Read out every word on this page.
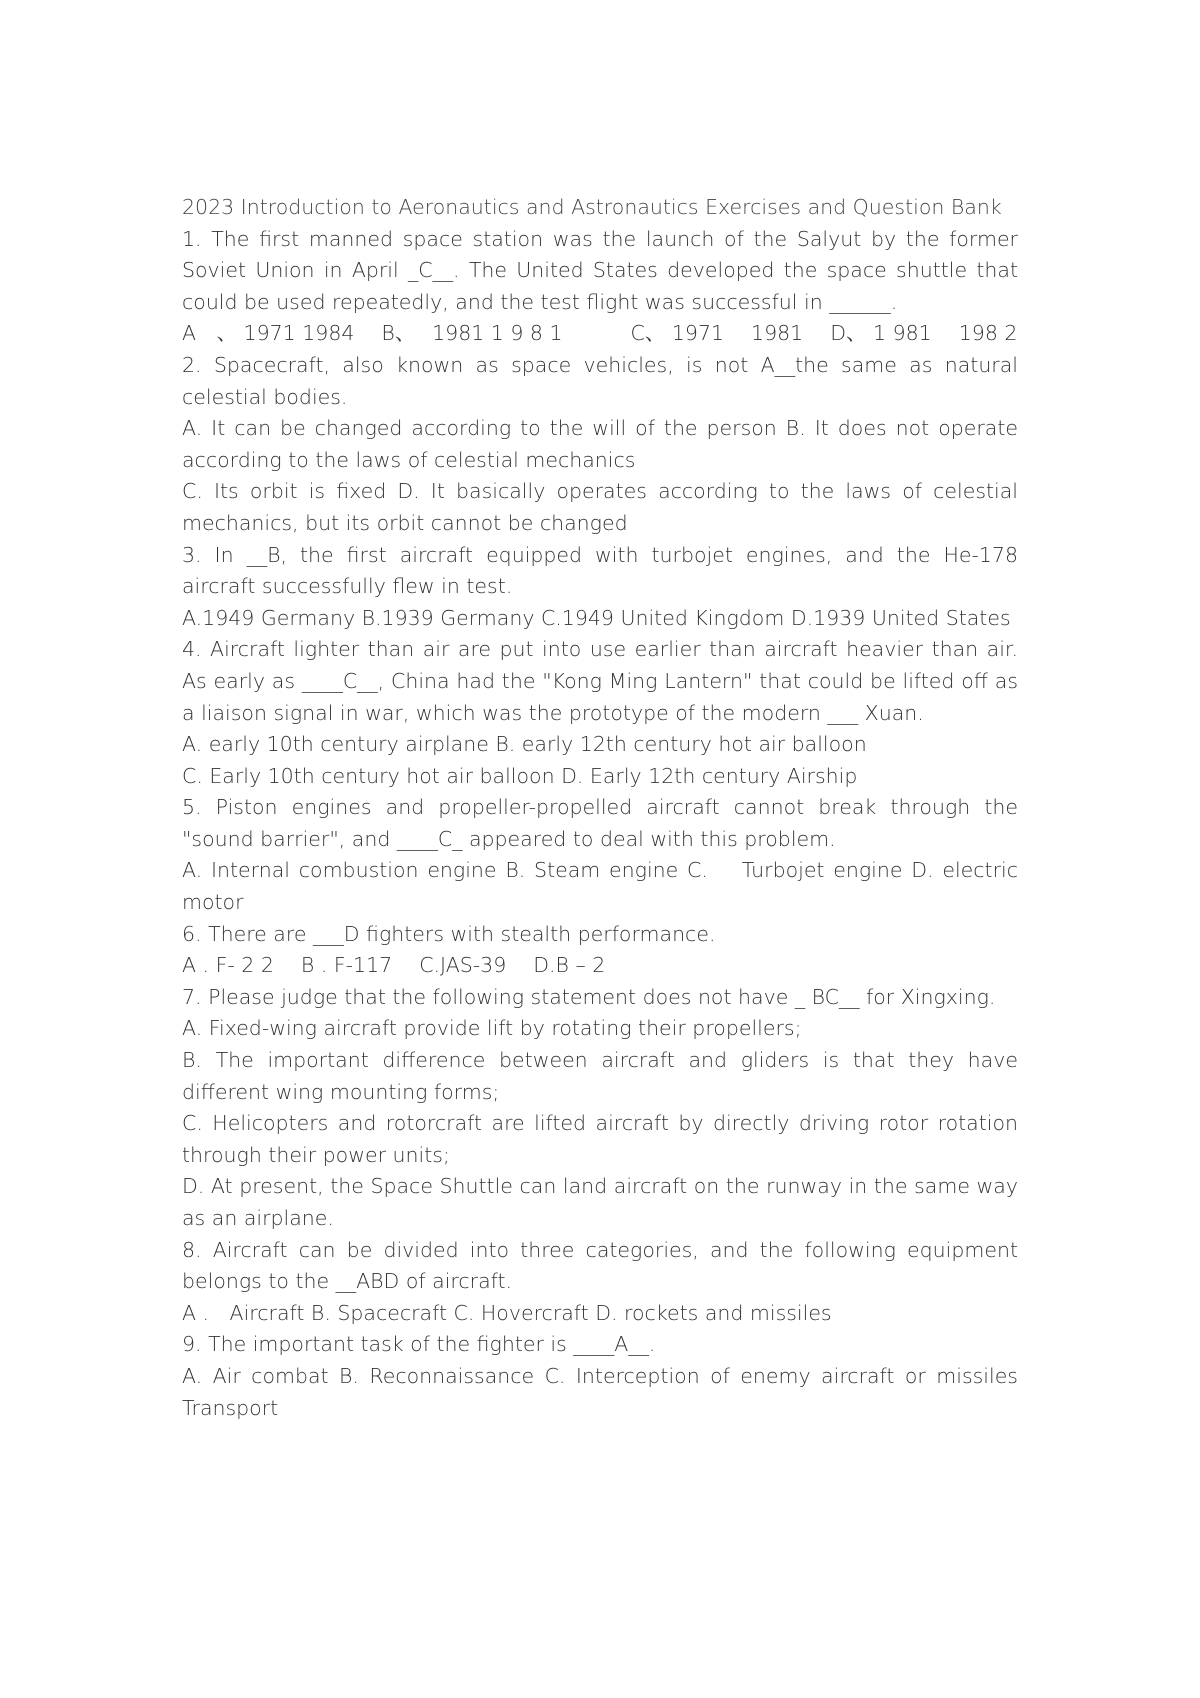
2023 Introduction to Aeronautics and Astronautics Exercises and Question Bank

1. The first manned space station was the launch of the Salyut by the former Soviet Union in April _C__. The United States developed the space shuttle that could be used repeatedly, and the test flight was successful in ______.

A　、 1971 1984　 B、　 1981 1 9 8 1　　　 C、 1971　 1981　 D、 1 981　 198 2

2. Spacecraft, also known as space vehicles, is not A__the same as natural celestial bodies.

A. It can be changed according to the will of the person B. It does not operate according to the laws of celestial mechanics

C. Its orbit is fixed D. It basically operates according to the laws of celestial mechanics, but its orbit cannot be changed

3. In __B, the first aircraft equipped with turbojet engines, and the He-178 aircraft successfully flew in test.

A.1949 Germany B.1939 Germany C.1949 United Kingdom D.1939 United States

4. Aircraft lighter than air are put into use earlier than aircraft heavier than air. As early as ____C__, China had the "Kong Ming Lantern" that could be lifted off as a liaison signal in war, which was the prototype of the modern ___ Xuan.

A. early 10th century airplane B. early 12th century hot air balloon

C. Early 10th century hot air balloon D. Early 12th century Airship

5. Piston engines and propeller-propelled aircraft cannot break through the "sound barrier", and ____C_ appeared to deal with this problem.

A. Internal combustion engine B. Steam engine C.　 Turbojet engine D. electric motor

6. There are ___D fighters with stealth performance.

A . F- 2 2　 B . F-117　 C.JAS-39　 D.B – 2

7. Please judge that the following statement does not have _ BC__ for Xingxing.

A. Fixed-wing aircraft provide lift by rotating their propellers;

B. The important difference between aircraft and gliders is that they have different wing mounting forms;

C. Helicopters and rotorcraft are lifted aircraft by directly driving rotor rotation through their power units;

D. At present, the Space Shuttle can land aircraft on the runway in the same way as an airplane.

8. Aircraft can be divided into three categories, and the following equipment belongs to the __ABD of aircraft.

A .　Aircraft B. Spacecraft C. Hovercraft D. rockets and missiles

9. The important task of the fighter is ____A__.

A. Air combat B. Reconnaissance C. Interception of enemy aircraft or missiles Transport
